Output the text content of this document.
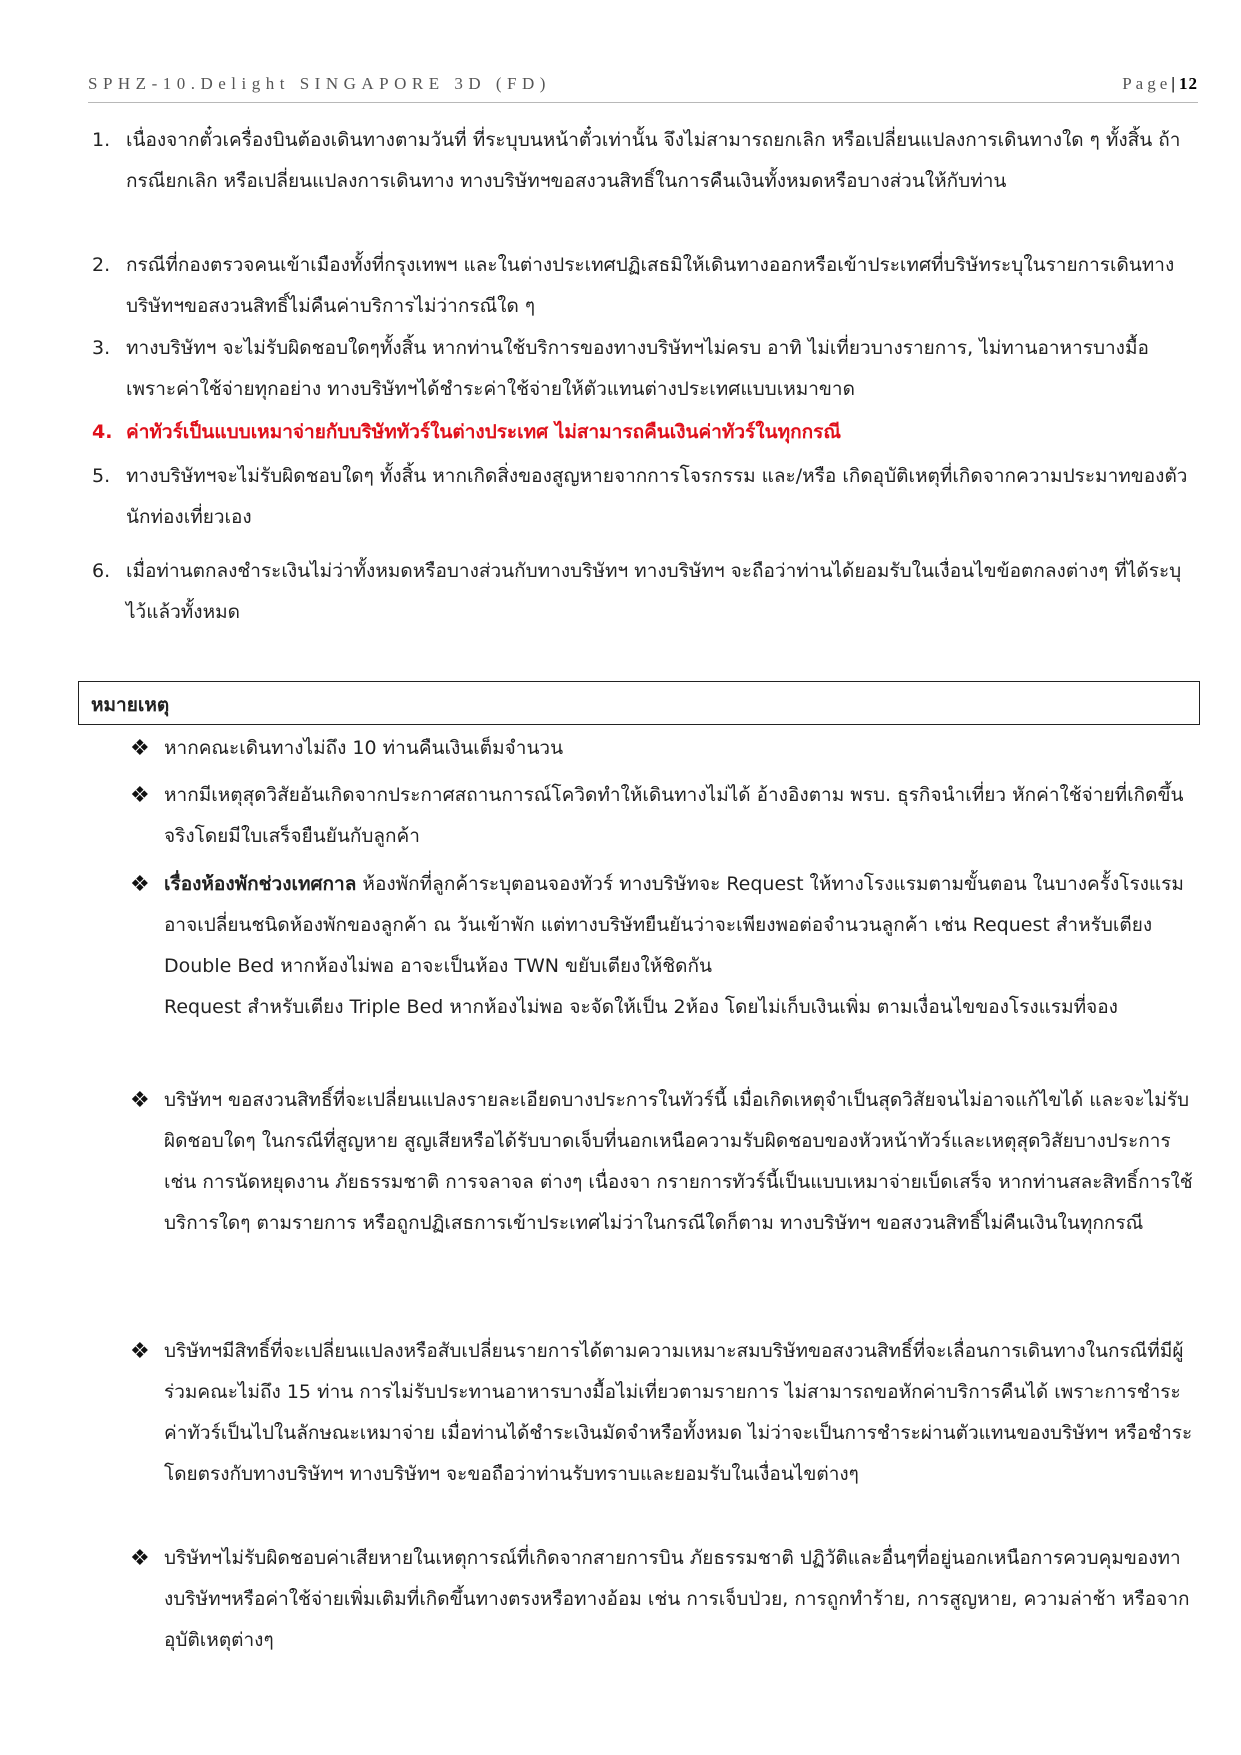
SPHZ-10.Delight SINGAPORE 3D (FD)	Page|12
1. เนื่องจากตั๋วเครื่องบินต้องเดินทางตามวันที่ ที่ระบุบนหน้าตั๋วเท่านั้น จึงไม่สามารถยกเลิก หรือเปลี่ยนแปลงการเดินทางใด ๆ ทั้งสิ้น ถ้ากรณียกเลิก หรือเปลี่ยนแปลงการเดินทาง ทางบริษัทฯขอสงวนสิทธิ์ในการคืนเงินทั้งหมดหรือบางส่วนให้กับท่าน
2. กรณีที่กองตรวจคนเข้าเมืองทั้งที่กรุงเทพฯ และในต่างประเทศปฏิเสธมิให้เดินทางออกหรือเข้าประเทศที่บริษัทระบุในรายการเดินทาง บริษัทฯขอสงวนสิทธิ์ไม่คืนค่าบริการไม่ว่ากรณีใด ๆ
3. ทางบริษัทฯ จะไม่รับผิดชอบใดๆทั้งสิ้น หากท่านใช้บริการของทางบริษัทฯไม่ครบ อาทิ ไม่เที่ยวบางรายการ, ไม่ทานอาหารบางมื้อ เพราะค่าใช้จ่ายทุกอย่าง ทางบริษัทฯได้ชำระค่าใช้จ่ายให้ตัวแทนต่างประเทศแบบเหมาขาด
4. ค่าทัวร์เป็นแบบเหมาจ่ายกับบริษัททัวร์ในต่างประเทศ ไม่สามารถคืนเงินค่าทัวร์ในทุกกรณี
5. ทางบริษัทฯจะไม่รับผิดชอบใดๆ ทั้งสิ้น หากเกิดสิ่งของสูญหายจากการโจรกรรม และ/หรือ เกิดอุบัติเหตุที่เกิดจากความประมาทของตัวนักท่องเที่ยวเอง
6. เมื่อท่านตกลงชำระเงินไม่ว่าทั้งหมดหรือบางส่วนกับทางบริษัทฯ ทางบริษัทฯ จะถือว่าท่านได้ยอมรับในเงื่อนไขข้อตกลงต่างๆ ที่ได้ระบุไว้แล้วทั้งหมด
หมายเหตุ
❖ หากคณะเดินทางไม่ถึง 10 ท่านคืนเงินเต็มจำนวน
❖ หากมีเหตุสุดวิสัยอันเกิดจากประกาศสถานการณ์โควิดทำให้เดินทางไม่ได้ อ้างอิงตาม พรบ. ธุรกิจนำเที่ยว หักค่าใช้จ่ายที่เกิดขึ้นจริงโดยมีใบเสร็จยืนยันกับลูกค้า
❖ เรื่องห้องพักช่วงเทศกาล ห้องพักที่ลูกค้าระบุตอนจองทัวร์ ทางบริษัทจะ Request ให้ทางโรงแรมตามขั้นตอน ในบางครั้งโรงแรมอาจเปลี่ยนชนิดห้องพักของลูกค้า ณ วันเข้าพัก แต่ทางบริษัทยืนยันว่าจะเพียงพอต่อจำนวนลูกค้า เช่น Request สำหรับเตียง Double Bed หากห้องไม่พอ อาจะเป็นห้อง TWN ขยับเตียงให้ชิดกัน
Request สำหรับเตียง Triple Bed หากห้องไม่พอ จะจัดให้เป็น 2ห้อง โดยไม่เก็บเงินเพิ่ม ตามเงื่อนไขของโรงแรมที่จอง
❖ บริษัทฯ ขอสงวนสิทธิ์ที่จะเปลี่ยนแปลงรายละเอียดบางประการในทัวร์นี้ เมื่อเกิดเหตุจำเป็นสุดวิสัยจนไม่อาจแก้ไขได้ และจะไม่รับผิดชอบใดๆ ในกรณีที่สูญหาย สูญเสียหรือได้รับบาดเจ็บที่นอกเหนือความรับผิดชอบของหัวหน้าทัวร์และเหตุสุดวิสัยบางประการ เช่น การนัดหยุดงาน ภัยธรรมชาติ การจลาจล ต่างๆ เนื่องจา กรายการทัวร์นี้เป็นแบบเหมาจ่ายเบ็ดเสร็จ หากท่านสละสิทธิ์การใช้บริการใดๆ ตามรายการ หรือถูกปฏิเสธการเข้าประเทศไม่ว่าในกรณีใดก็ตาม ทางบริษัทฯ ขอสงวนสิทธิ์ไม่คืนเงินในทุกกรณี
❖ บริษัทฯมีสิทธิ์ที่จะเปลี่ยนแปลงหรือสับเปลี่ยนรายการได้ตามความเหมาะสมบริษัทขอสงวนสิทธิ์ที่จะเลื่อนการเดินทางในกรณีที่มีผู้ร่วมคณะไม่ถึง 15 ท่าน การไม่รับประทานอาหารบางมื้อไม่เที่ยวตามรายการ ไม่สามารถขอหักค่าบริการคืนได้ เพราะการชำระค่าทัวร์เป็นไปในลักษณะเหมาจ่าย เมื่อท่านได้ชำระเงินมัดจำหรือทั้งหมด ไม่ว่าจะเป็นการชำระผ่านตัวแทนของบริษัทฯ หรือชำระโดยตรงกับทางบริษัทฯ ทางบริษัทฯ จะขอถือว่าท่านรับทราบและยอมรับในเงื่อนไขต่างๆ
❖ บริษัทฯไม่รับผิดชอบค่าเสียหายในเหตุการณ์ที่เกิดจากสายการบิน ภัยธรรมชาติ ปฏิวัติและอื่นๆที่อยู่นอกเหนือการควบคุมของทางบริษัทฯหรือค่าใช้จ่ายเพิ่มเติมที่เกิดขึ้นทางตรงหรือทางอ้อม เช่น การเจ็บป่วย, การถูกทำร้าย, การสูญหาย, ความล่าช้า หรือจากอุบัติเหตุต่างๆ
